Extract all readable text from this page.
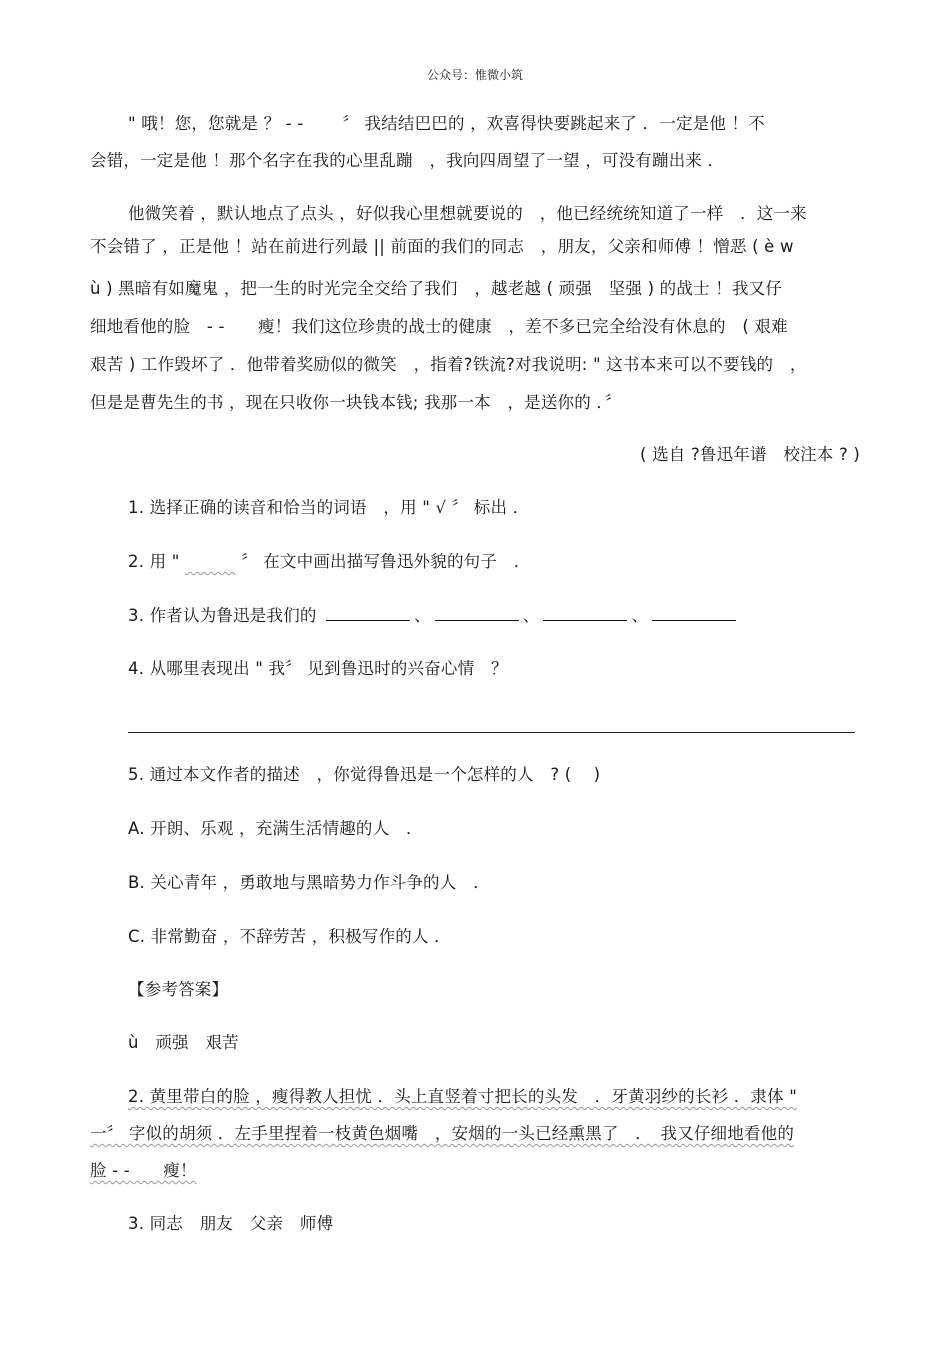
公众号：惟微小筑
" 哦！您，您就是 ？ - -　　 〞 我结结巴巴的 ，欢喜得快要跳起来了 ．一定是他 ！不
会错，一定是他 ！那个名字在我的心里乱蹦　，我向四周望了一望 ，可没有蹦出来 ．
他微笑着 ，默认地点了点头 ，好似我心里想就要说的　，他已经统统知道了一样　．这一来
不会错了 ，正是他 ！站在前进行列最 || 前面的我们的同志　，朋友，父亲和师傅 ！憎恶 ( è w
ù ) 黑暗有如魔鬼 ，把一生的时光完全交给了我们　，越老越 ( 顽强　坚强 ) 的战士 ！我又仔
细地看他的脸　- -　　瘦！我们这位珍贵的战士的健康　，差不多已完全给没有休息的　( 艰难
艰苦 ) 工作毁坏了 ．他带着奖励似的微笑　，指着?铁流?对我说明: " 这书本来可以不要钱的　，
但是是曹先生的书 ，现在只收你一块钱本钱; 我那一本　，是送你的 ．〞
( 选自 ?鲁迅年谱　校注本 ? )
1. 选择正确的读音和恰当的词语　，用 " √ 〞 标出 ．
2. 用 " ______ 〞 在文中画出描写鲁迅外貌的句子　．
3. 作者认为鲁迅是我们的	、	、	、
4. 从哪里表现出 " 我〞 见到鲁迅时的兴奋心情　？
5. 通过本文作者的描述　，你觉得鲁迅是一个怎样的人　? (　 )
A. 开朗、乐观 ，充满生活情趣的人　．
B. 关心青年 ，勇敢地与黑暗势力作斗争的人　．
C. 非常勤奋 ，不辞劳苦 ，积极写作的人 ．
【参考答案】
ù　顽强　艰苦
2. 黄里带白的脸 ，瘦得教人担忧 ．头上直竖着寸把长的头发　．牙黄羽纱的长衫 ．隶体 "
一〞 字似的胡须 ．左手里捏着一枝黄色烟嘴　，安烟的一头已经熏黑了　．　我又仔细地看他的
脸 - -　　瘦！
3. 同志　朋友　父亲　师傅
